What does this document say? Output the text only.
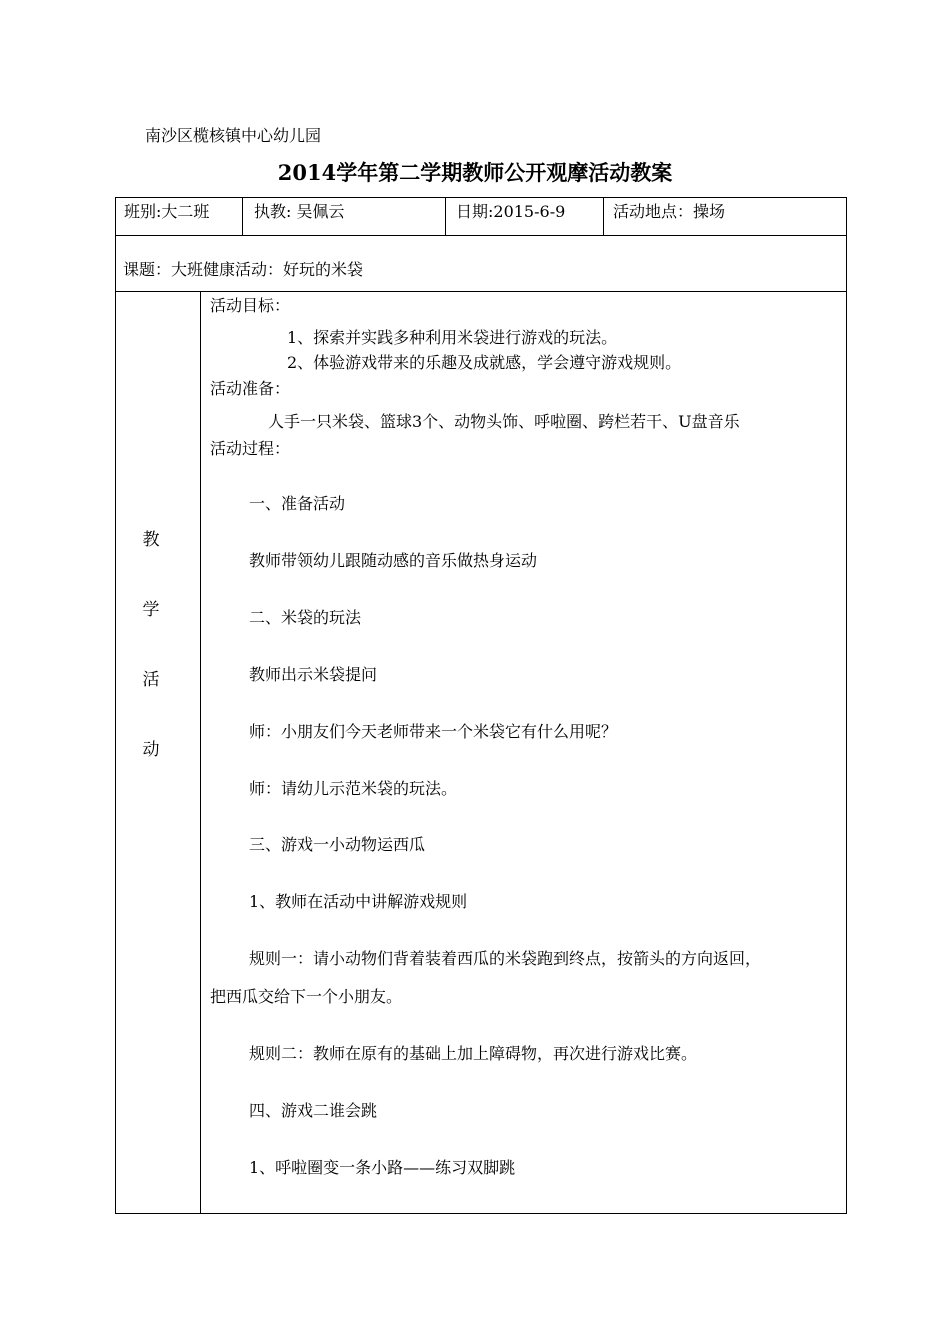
南沙区榄核镇中心幼儿园
2014学年第二学期教师公开观摩活动教案
班别:大二班	执教: 吴佩云	日期:2015-6-9	活动地点：操场
课题：大班健康活动：好玩的米袋
教
学
活
动
活动目标：
1、探索并实践多种利用米袋进行游戏的玩法。
2、体验游戏带来的乐趣及成就感，学会遵守游戏规则。
活动准备：
人手一只米袋、篮球3个、动物头饰、呼啦圈、跨栏若干、U盘音乐
活动过程：
一、准备活动
教师带领幼儿跟随动感的音乐做热身运动
二、米袋的玩法
教师出示米袋提问
师：小朋友们今天老师带来一个米袋它有什么用呢？
师：请幼儿示范米袋的玩法。
三、游戏一小动物运西瓜
1、教师在活动中讲解游戏规则
规则一：请小动物们背着装着西瓜的米袋跑到终点，按箭头的方向返回，
把西瓜交给下一个小朋友。
规则二：教师在原有的基础上加上障碍物，再次进行游戏比赛。
四、游戏二谁会跳
1、呼啦圈变一条小路——练习双脚跳
